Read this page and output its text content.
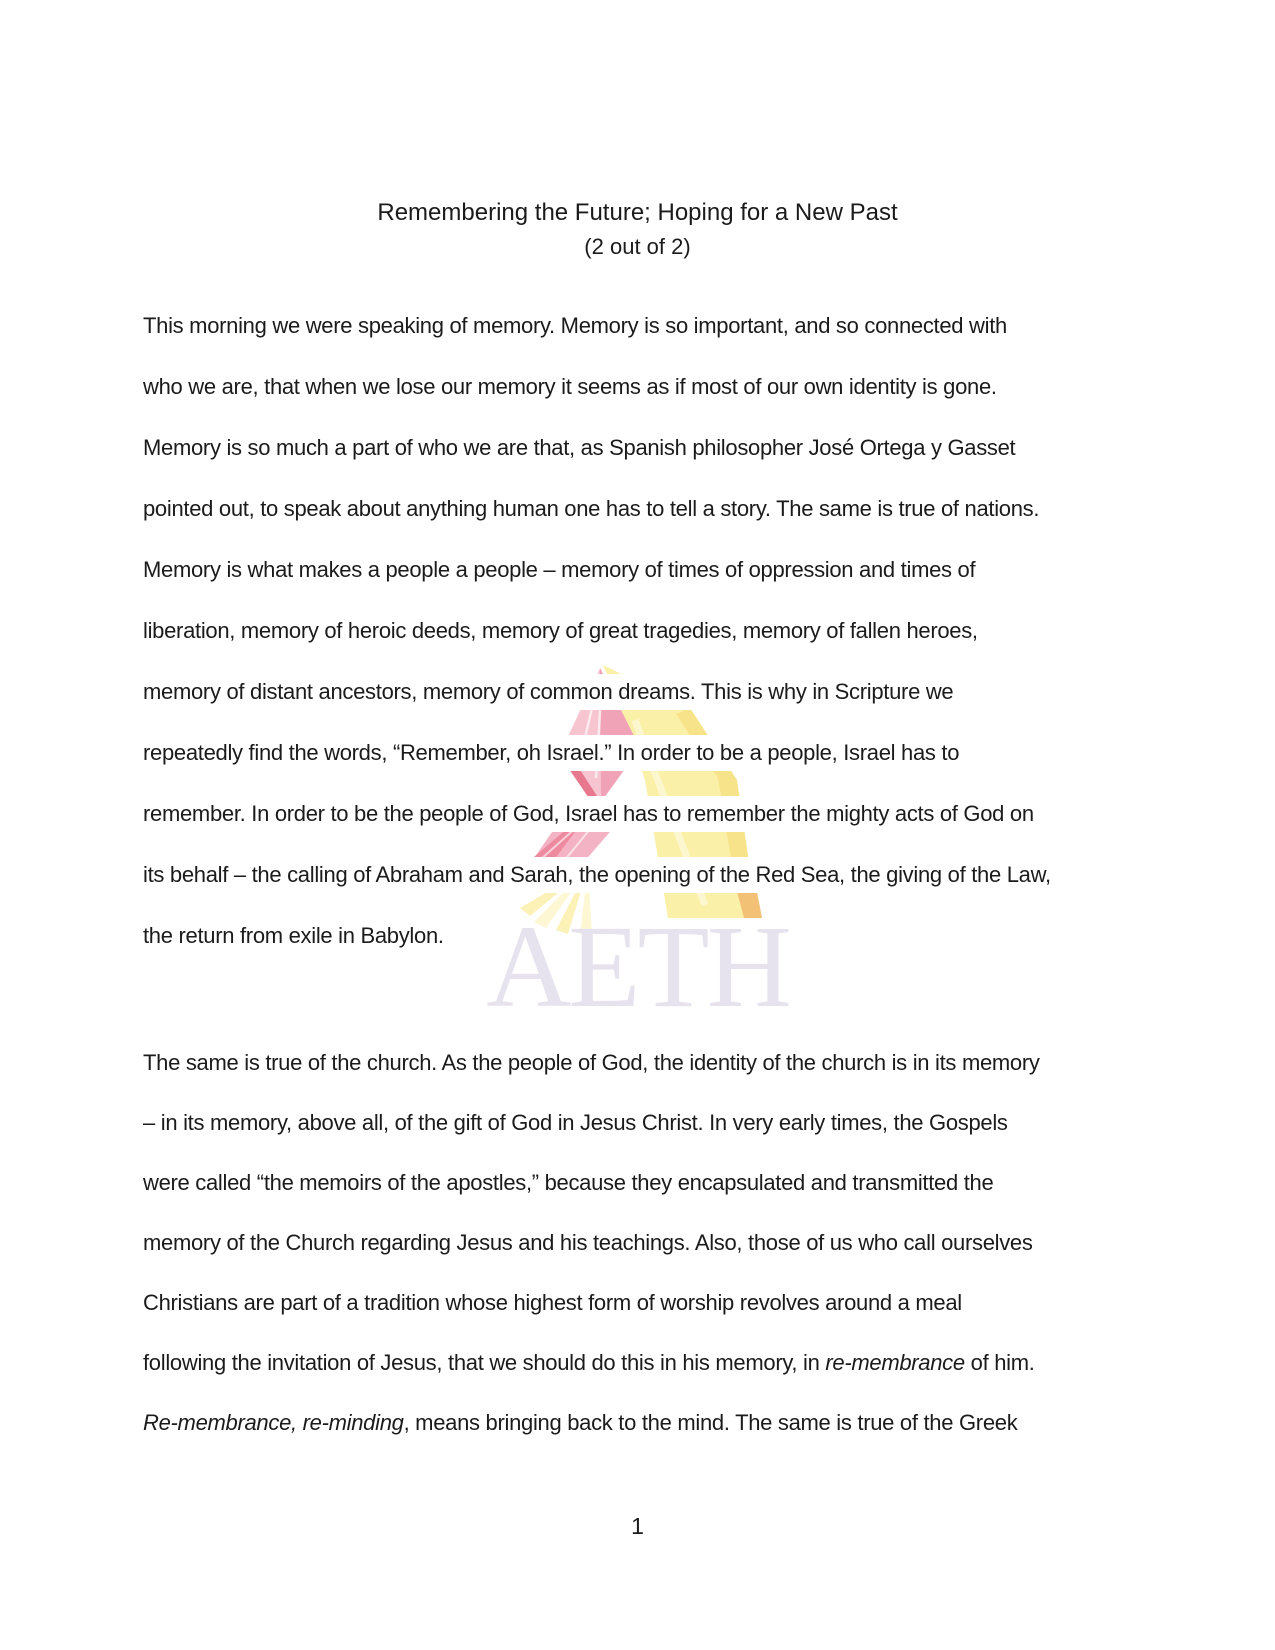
AETH
Remembering the Future; Hoping for a New Past
(2 out of 2)
This morning we were speaking of memory. Memory is so important, and so connected with
who we are, that when we lose our memory it seems as if most of our own identity is gone.
Memory is so much a part of who we are that, as Spanish philosopher José Ortega y Gasset
pointed out, to speak about anything human one has to tell a story. The same is true of nations.
Memory is what makes a people a people – memory of times of oppression and times of
liberation, memory of heroic deeds, memory of great tragedies, memory of fallen heroes,
memory of distant ancestors, memory of common dreams. This is why in Scripture we
repeatedly find the words, “Remember, oh Israel.” In order to be a people, Israel has to
remember. In order to be the people of God, Israel has to remember the mighty acts of God on
its behalf – the calling of Abraham and Sarah, the opening of the Red Sea, the giving of the Law,
the return from exile in Babylon.
The same is true of the church. As the people of God, the identity of the church is in its memory
– in its memory, above all, of the gift of God in Jesus Christ. In very early times, the Gospels
were called “the memoirs of the apostles,” because they encapsulated and transmitted the
memory of the Church regarding Jesus and his teachings. Also, those of us who call ourselves
Christians are part of a tradition whose highest form of worship revolves around a meal
following the invitation of Jesus, that we should do this in his memory, in re-membrance of him.
Re-membrance, re-minding, means bringing back to the mind. The same is true of the Greek
1
